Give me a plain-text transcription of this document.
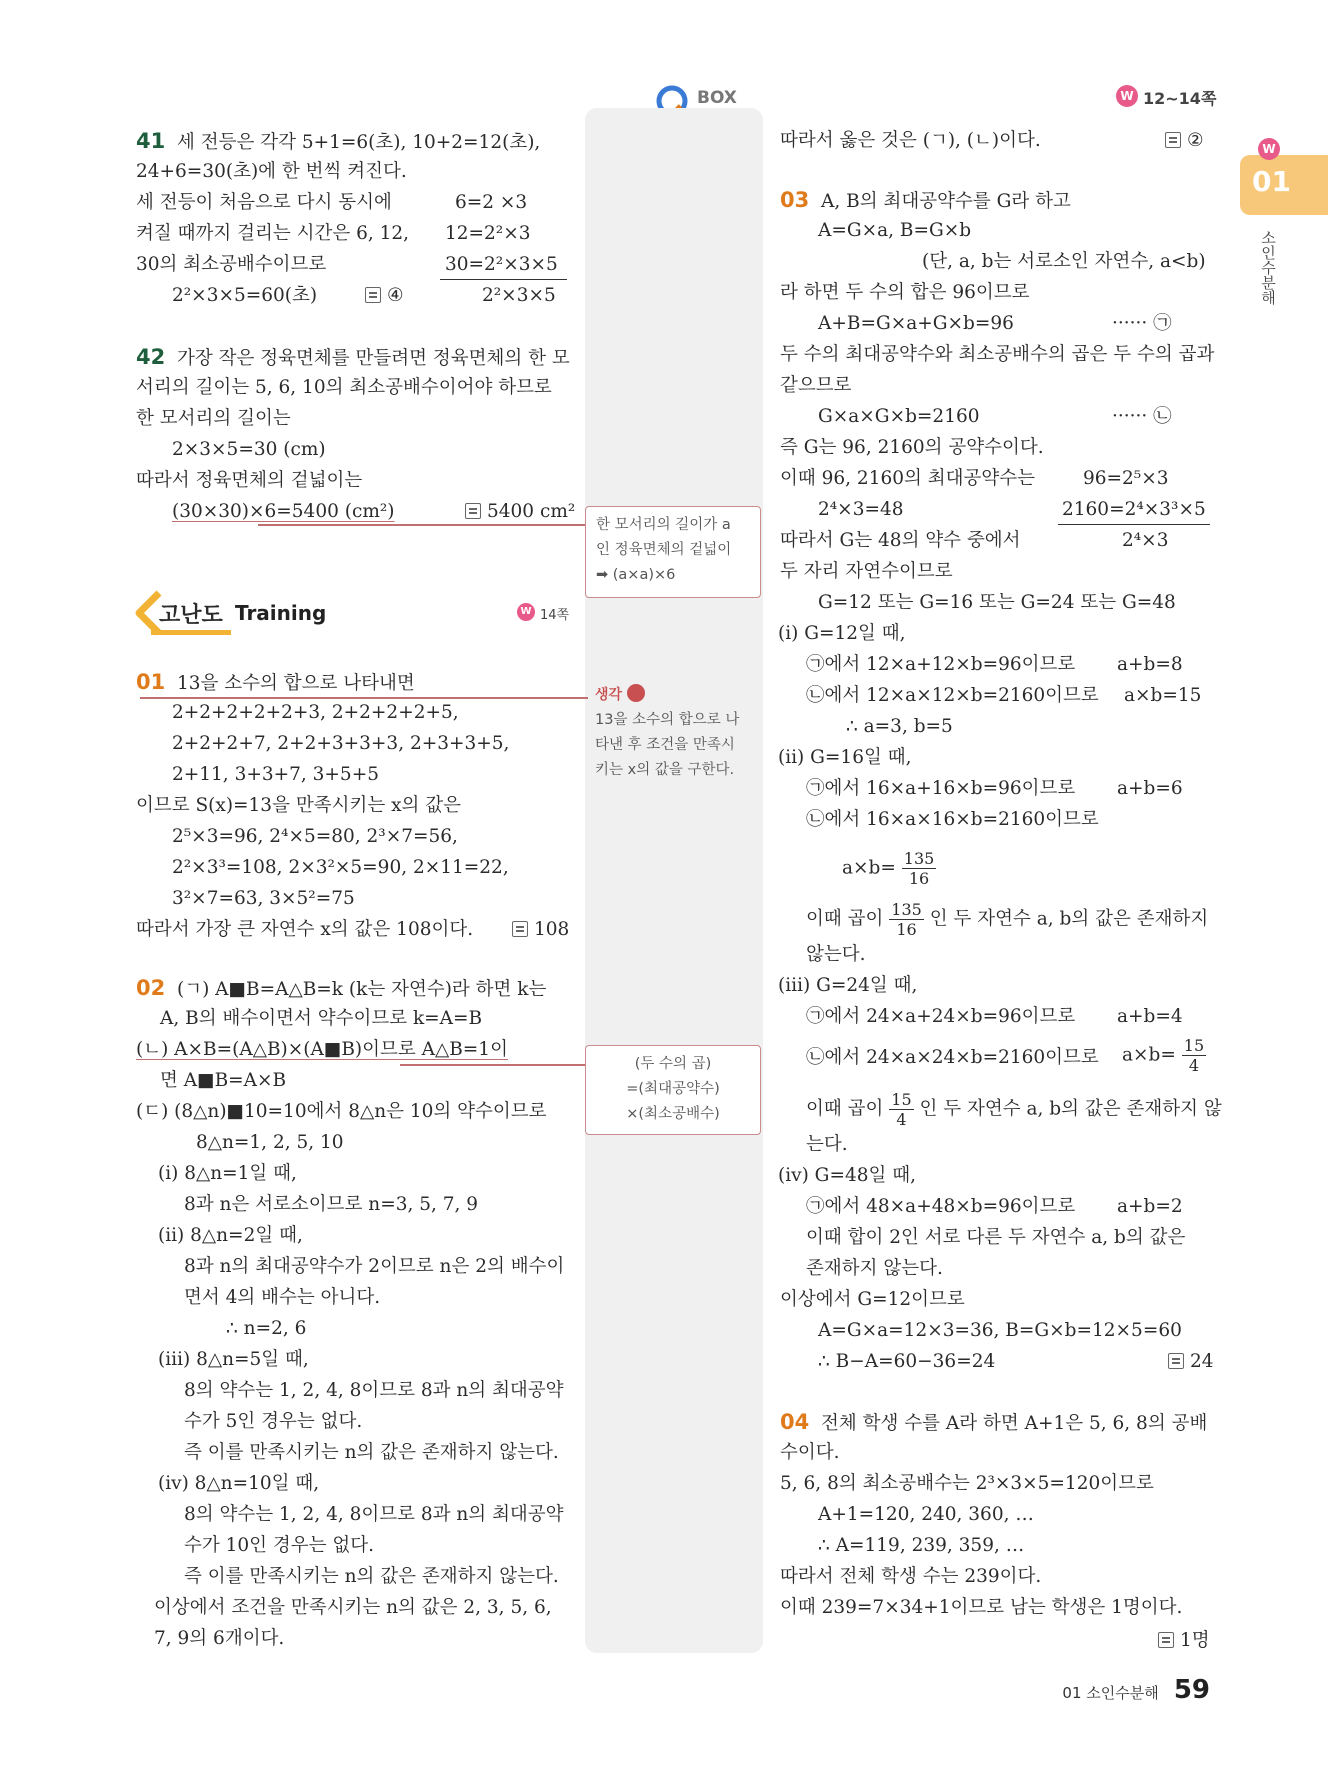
BOX	W 12~14쪽
W
01
소인수분해
한 모서리의 길이가 a
인 정육면체의 겉넓이
➡ (a×a)×6
생각
13을 소수의 합으로 나
타낸 후 조건을 만족시
키는 x의 값을 구한다.
(두 수의 곱)
=(최대공약수)
×(최소공배수)
41 세 전등은 각각 5+1=6(초), 10+2=12(초),
24+6=30(초)에 한 번씩 켜진다.
세 전등이 처음으로 다시 동시에
켜질 때까지 걸리는 시간은 6, 12,
30의 최소공배수이므로
2²×3×5=60(초)	④
6=2 ×3
12=2²×3
30=2²×3×5
2²×3×5
42 가장 작은 정육면체를 만들려면 정육면체의 한 모
서리의 길이는 5, 6, 10의 최소공배수이어야 하므로
한 모서리의 길이는
2×3×5=30 (cm)
따라서 정육면체의 겉넓이는
(30×30)×6=5400 (cm²)	5400 cm²
고난도 Training	W 14쪽
01 13을 소수의 합으로 나타내면
2+2+2+2+2+3, 2+2+2+2+5,
2+2+2+7, 2+2+3+3+3, 2+3+3+5,
2+11, 3+3+7, 3+5+5
이므로 S(x)=13을 만족시키는 x의 값은
2⁵×3=96, 2⁴×5=80, 2³×7=56,
2²×3³=108, 2×3²×5=90, 2×11=22,
3²×7=63, 3×5²=75
따라서 가장 큰 자연수 x의 값은 108이다.	108
02 (ㄱ) A■B=A△B=k (k는 자연수)라 하면 k는
A, B의 배수이면서 약수이므로 k=A=B
(ㄴ) A×B=(A△B)×(A■B)이므로 A△B=1이
면 A■B=A×B
(ㄷ) (8△n)■10=10에서 8△n은 10의 약수이므로
8△n=1, 2, 5, 10
(ⅰ) 8△n=1일 때,
8과 n은 서로소이므로 n=3, 5, 7, 9
(ⅱ) 8△n=2일 때,
8과 n의 최대공약수가 2이므로 n은 2의 배수이
면서 4의 배수는 아니다.
∴ n=2, 6
(ⅲ) 8△n=5일 때,
8의 약수는 1, 2, 4, 8이므로 8과 n의 최대공약
수가 5인 경우는 없다.
즉 이를 만족시키는 n의 값은 존재하지 않는다.
(ⅳ) 8△n=10일 때,
8의 약수는 1, 2, 4, 8이므로 8과 n의 최대공약
수가 10인 경우는 없다.
즉 이를 만족시키는 n의 값은 존재하지 않는다.
이상에서 조건을 만족시키는 n의 값은 2, 3, 5, 6,
7, 9의 6개이다.
따라서 옳은 것은 (ㄱ), (ㄴ)이다.	②
03 A, B의 최대공약수를 G라 하고
A=G×a, B=G×b
(단, a, b는 서로소인 자연수, a<b)
라 하면 두 수의 합은 96이므로
A+B=G×a+G×b=96	······ ㉠
두 수의 최대공약수와 최소공배수의 곱은 두 수의 곱과
같으므로
G×a×G×b=2160	······ ㉡
즉 G는 96, 2160의 공약수이다.
이때 96, 2160의 최대공약수는
2⁴×3=48
96=2⁵×3
2160=2⁴×3³×5
2⁴×3
따라서 G는 48의 약수 중에서
두 자리 자연수이므로
G=12 또는 G=16 또는 G=24 또는 G=48
(ⅰ) G=12일 때,
㉠에서 12×a+12×b=96이므로 a+b=8
㉡에서 12×a×12×b=2160이므로 a×b=15
∴ a=3, b=5
(ⅱ) G=16일 때,
㉠에서 16×a+16×b=96이므로 a+b=6
㉡에서 16×a×16×b=2160이므로
$a\times b= \frac{135}{16}$
이때 곱이 $\frac{135}{16}$ 인 두 자연수 a, b의 값은 존재하지
않는다.
(ⅲ) G=24일 때,
㉠에서 24×a+24×b=96이므로 a+b=4
㉡에서 24×a×24×b=2160이므로 $a\times b= \frac{15}{4}$
이때 곱이 $\frac{15}{4}$ 인 두 자연수 a, b의 값은 존재하지 않
는다.
(ⅳ) G=48일 때,
㉠에서 48×a+48×b=96이므로 a+b=2
이때 합이 2인 서로 다른 두 자연수 a, b의 값은
존재하지 않는다.
이상에서 G=12이므로
A=G×a=12×3=36, B=G×b=12×5=60
∴ B−A=60−36=24	24
04 전체 학생 수를 A라 하면 A+1은 5, 6, 8의 공배
수이다.
5, 6, 8의 최소공배수는 2³×3×5=120이므로
A+1=120, 240, 360, …
∴ A=119, 239, 359, …
따라서 전체 학생 수는 239이다.
이때 239=7×34+1이므로 남는 학생은 1명이다.
1명
01 소인수분해 59
